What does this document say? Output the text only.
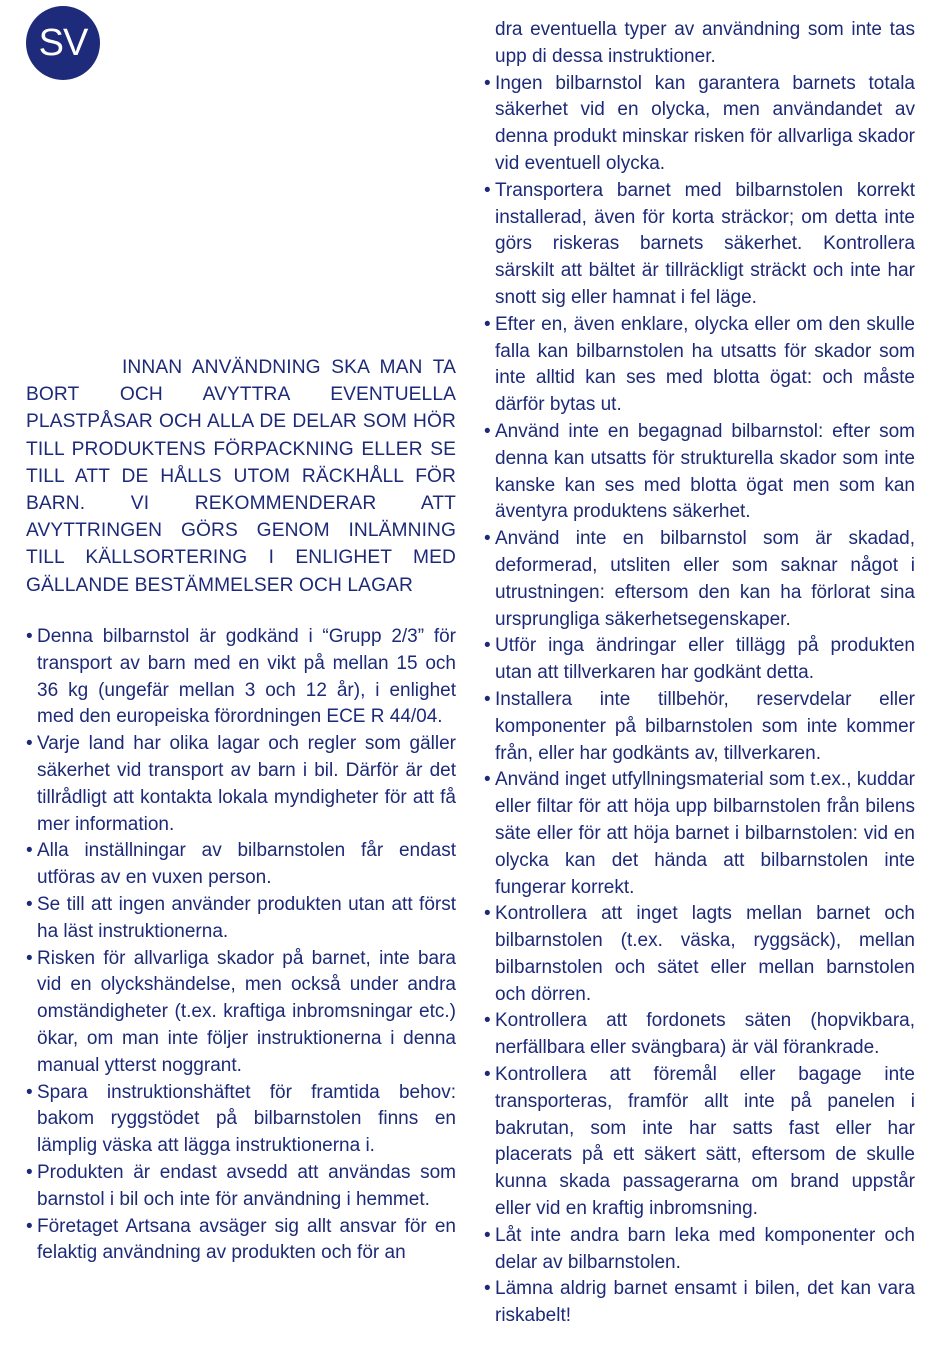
SV
INNAN ANVÄNDNING SKA MAN TA BORT OCH AVYTTRA EVENTUELLA PLASTPÅSAR OCH ALLA DE DELAR SOM HÖR TILL PRODUKTENS FÖRPACKNING ELLER SE TILL ATT DE HÅLLS UTOM RÄCKHÅLL FÖR BARN. VI REKOMMENDERAR ATT AVYTTRINGEN GÖRS GENOM INLÄMNING TILL KÄLLSORTERING I ENLIGHET MED GÄLLANDE BESTÄMMELSER OCH LAGAR
• Denna bilbarnstol är godkänd i “Grupp 2/3” för transport av barn med en vikt på mellan 15 och 36 kg (ungefär mellan 3 och 12 år), i enlighet med den europeiska förordningen ECE R 44/04.
• Varje land har olika lagar och regler som gäller säkerhet vid transport av barn i bil. Därför är det tillrådligt att kontakta lokala myndigheter för att få mer information.
• Alla inställningar av bilbarnstolen får endast utföras av en vuxen person.
• Se till att ingen använder produkten utan att först ha läst instruktionerna.
• Risken för allvarliga skador på barnet, inte bara vid en olyckshändelse, men också under andra omständigheter (t.ex. kraftiga inbromsningar etc.) ökar, om man inte följer instruktionerna i denna manual ytterst noggrant.
• Spara instruktionshäftet för framtida behov: bakom ryggstödet på bilbarnstolen finns en lämplig väska att lägga instruktionerna i.
• Produkten är endast avsedd att användas som barnstol i bil och inte för användning i hemmet.
• Företaget Artsana avsäger sig allt ansvar för en felaktig användning av produkten och för an
dra eventuella typer av användning som inte tas upp di dessa instruktioner.
• Ingen bilbarnstol kan garantera barnets totala säkerhet vid en olycka, men användandet av denna produkt minskar risken för allvarliga skador vid eventuell olycka.
• Transportera barnet med bilbarnstolen korrekt installerad, även för korta sträckor; om detta inte görs riskeras barnets säkerhet. Kontrollera särskilt att bältet är tillräckligt sträckt och inte har snott sig eller hamnat i fel läge.
• Efter en, även enklare, olycka eller om den skulle falla kan bilbarnstolen ha utsatts för skador som inte alltid kan ses med blotta ögat: och måste därför bytas ut.
• Använd inte en begagnad bilbarnstol: efter som denna kan utsatts för strukturella skador som inte kanske kan ses med blotta ögat men som kan äventyra produktens säkerhet.
• Använd inte en bilbarnstol som är skadad, deformerad, utsliten eller som saknar något i utrustningen: eftersom den kan ha förlorat sina ursprungliga säkerhetsegenskaper.
• Utför inga ändringar eller tillägg på produkten utan att tillverkaren har godkänt detta.
• Installera inte tillbehör, reservdelar eller komponenter på bilbarnstolen som inte kommer från, eller har godkänts av, tillverkaren.
• Använd inget utfyllningsmaterial som t.ex., kuddar eller filtar för att höja upp bilbarnstolen från bilens säte eller för att höja barnet i bilbarnstolen: vid en olycka kan det hända att bilbarnstolen inte fungerar korrekt.
• Kontrollera att inget lagts mellan barnet och bilbarnstolen (t.ex. väska, ryggsäck), mellan bilbarnstolen och sätet eller mellan barnstolen och dörren.
• Kontrollera att fordonets säten (hopvikbara, nerfällbara eller svängbara) är väl förankrade.
• Kontrollera att föremål eller bagage inte transporteras, framför allt inte på panelen i bakrutan, som inte har satts fast eller har placerats på ett säkert sätt, eftersom de skulle kunna skada passagerarna om brand uppstår eller vid en kraftig inbromsning.
• Låt inte andra barn leka med komponenter och delar av bilbarnstolen.
• Lämna aldrig barnet ensamt i bilen, det kan vara riskabelt!
